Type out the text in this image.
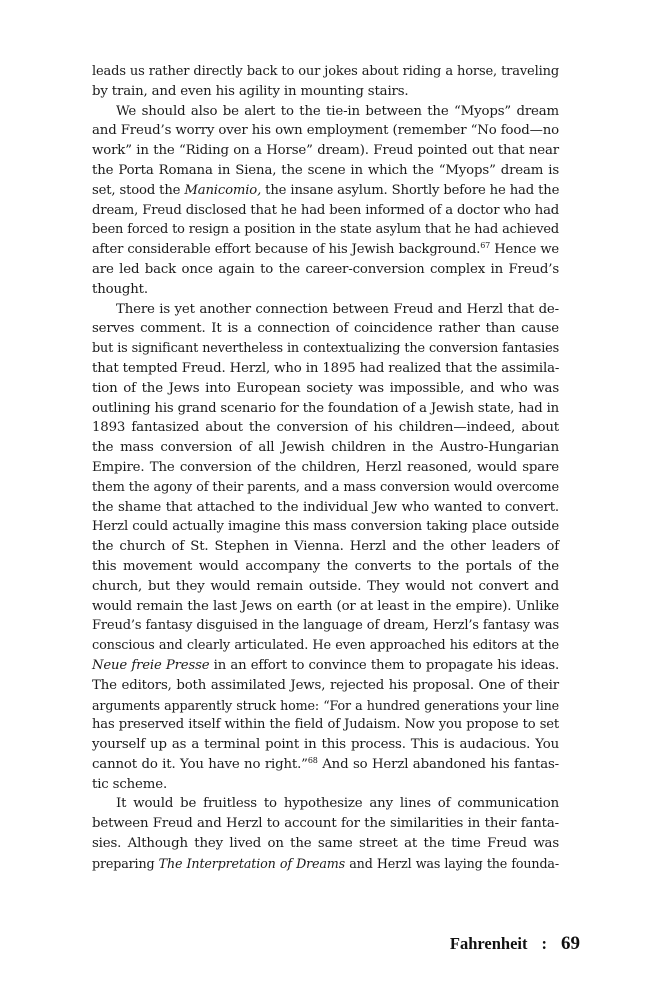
leads us rather directly back to our jokes about riding a horse, traveling
by train, and even his agility in mounting stairs.
We should also be alert to the tie-in between the “Myops” dream
and Freud’s worry over his own employment (remember “No food—no
work” in the “Riding on a Horse” dream). Freud pointed out that near
the Porta Romana in Siena, the scene in which the “Myops” dream is
set, stood the Manicomio, the insane asylum. Shortly before he had the
dream, Freud disclosed that he had been informed of a doctor who had
been forced to resign a position in the state asylum that he had achieved
after considerable effort because of his Jewish background.$^{67}$ Hence we
are led back once again to the career-conversion complex in Freud’s
thought.
There is yet another connection between Freud and Herzl that de-
serves comment. It is a connection of coincidence rather than cause
but is significant nevertheless in contextualizing the conversion fantasies
that tempted Freud. Herzl, who in 1895 had realized that the assimila-
tion of the Jews into European society was impossible, and who was
outlining his grand scenario for the foundation of a Jewish state, had in
1893 fantasized about the conversion of his children—indeed, about
the mass conversion of all Jewish children in the Austro-Hungarian
Empire. The conversion of the children, Herzl reasoned, would spare
them the agony of their parents, and a mass conversion would overcome
the shame that attached to the individual Jew who wanted to convert.
Herzl could actually imagine this mass conversion taking place outside
the church of St. Stephen in Vienna. Herzl and the other leaders of
this movement would accompany the converts to the portals of the
church, but they would remain outside. They would not convert and
would remain the last Jews on earth (or at least in the empire). Unlike
Freud’s fantasy disguised in the language of dream, Herzl’s fantasy was
conscious and clearly articulated. He even approached his editors at the
Neue freie Presse in an effort to convince them to propagate his ideas.
The editors, both assimilated Jews, rejected his proposal. One of their
arguments apparently struck home: “For a hundred generations your line
has preserved itself within the field of Judaism. Now you propose to set
yourself up as a terminal point in this process. This is audacious. You
cannot do it. You have no right.”$^{68}$ And so Herzl abandoned his fantas-
tic scheme.
It would be fruitless to hypothesize any lines of communication
between Freud and Herzl to account for the similarities in their fanta-
sies. Although they lived on the same street at the time Freud was
preparing The Interpretation of Dreams and Herzl was laying the founda-
Fahrenheit : 69
